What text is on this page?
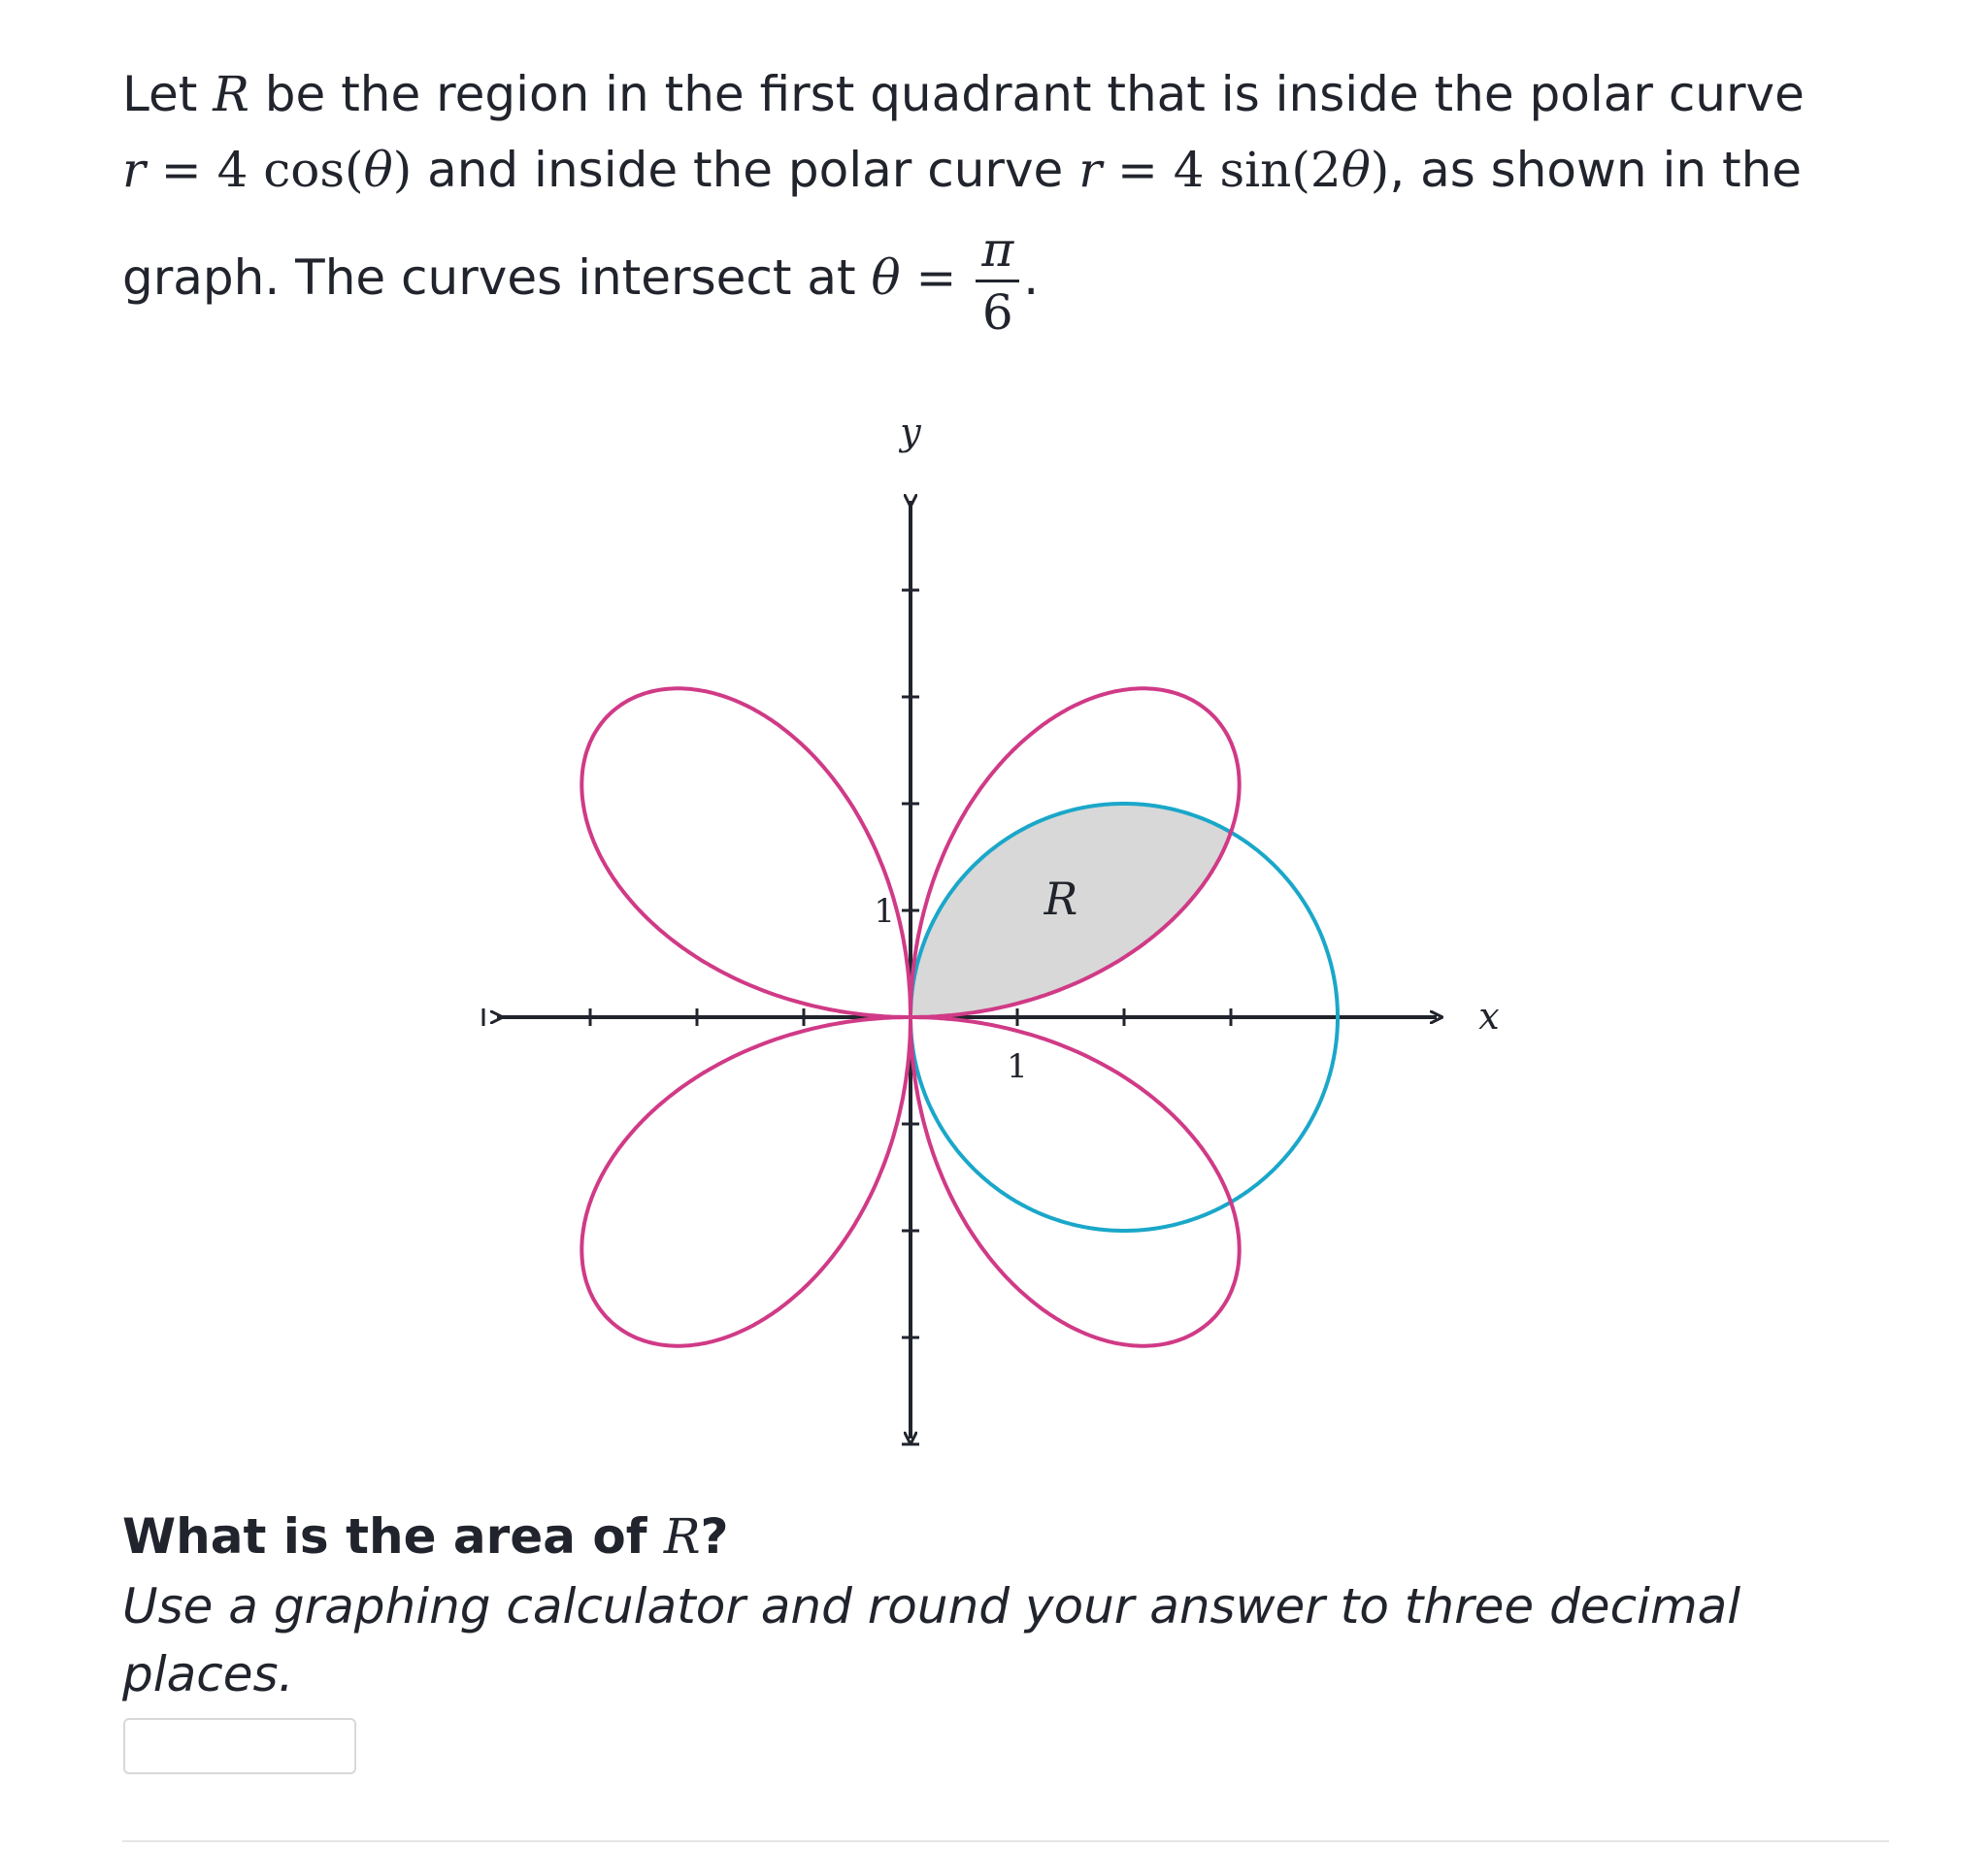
Let R be the region in the first quadrant that is inside the polar curve
r = 4 cos(θ) and inside the polar curve r = 4 sin(2θ), as shown in the
graph. The curves intersect at $\theta = \frac{\pi}{6}$ .
y
x
1
1	R
What is the area of R?
Use a graphing calculator and round your answer to three decimal places.
